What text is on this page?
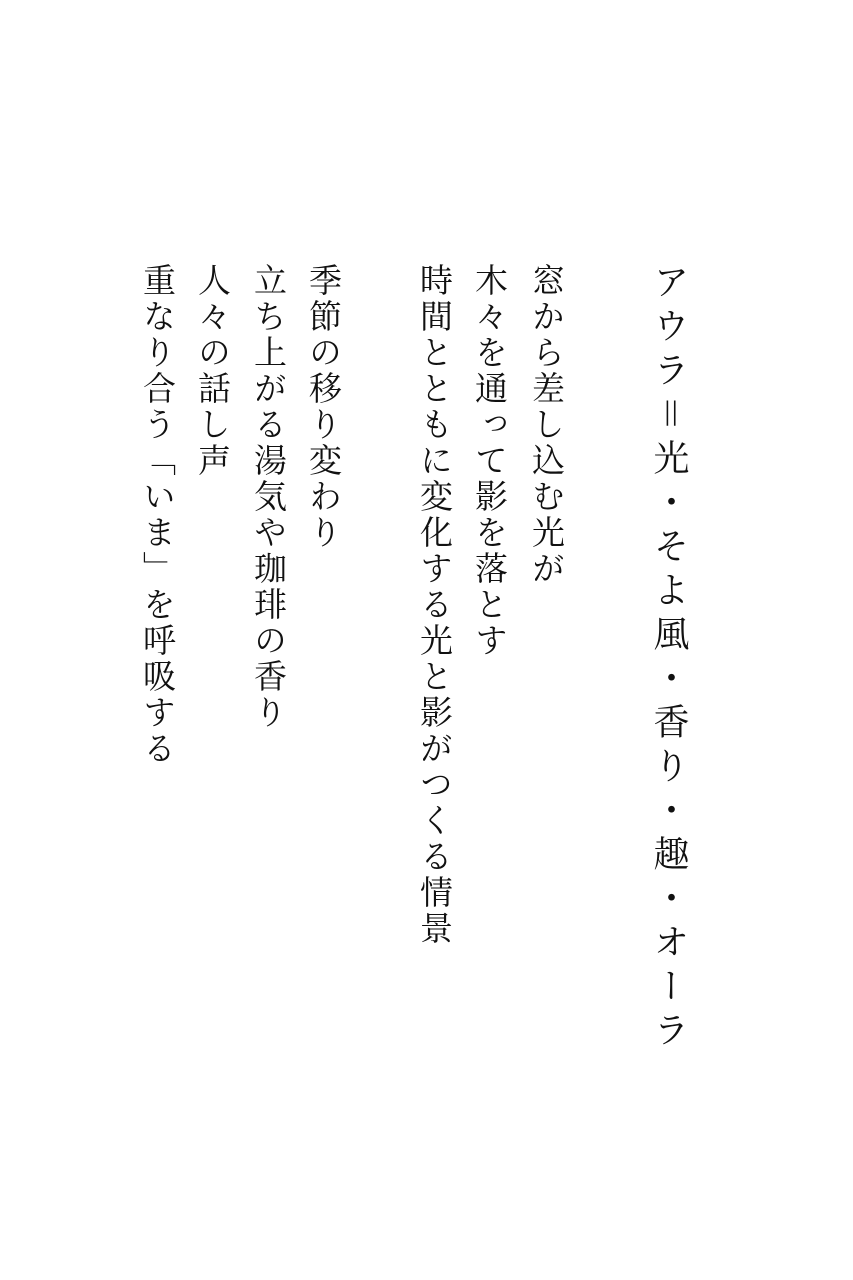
アウラ＝光・そよ風・香り・趣・オーラ
窓から差し込む光が
木々を通って影を落とす
時間とともに変化する光と影がつくる情景
季節の移り変わり
立ち上がる湯気や珈琲の香り
人々の話し声
重なり合う「いま」を呼吸する
